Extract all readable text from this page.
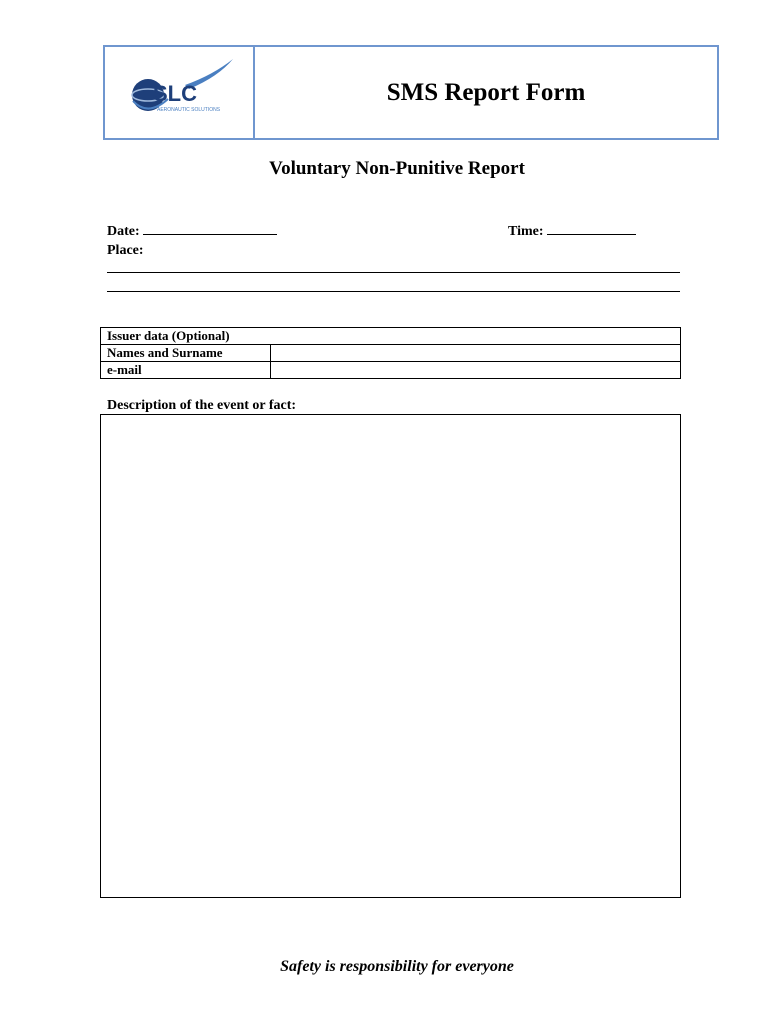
SLC
AERONAUTIC SOLUTIONS
SMS Report Form
Voluntary Non-Punitive Report
Date:	Time:
Place:
Issuer data (Optional)	
Names and Surname	
e-mail	
Description of the event or fact:
Safety is responsibility for everyone
